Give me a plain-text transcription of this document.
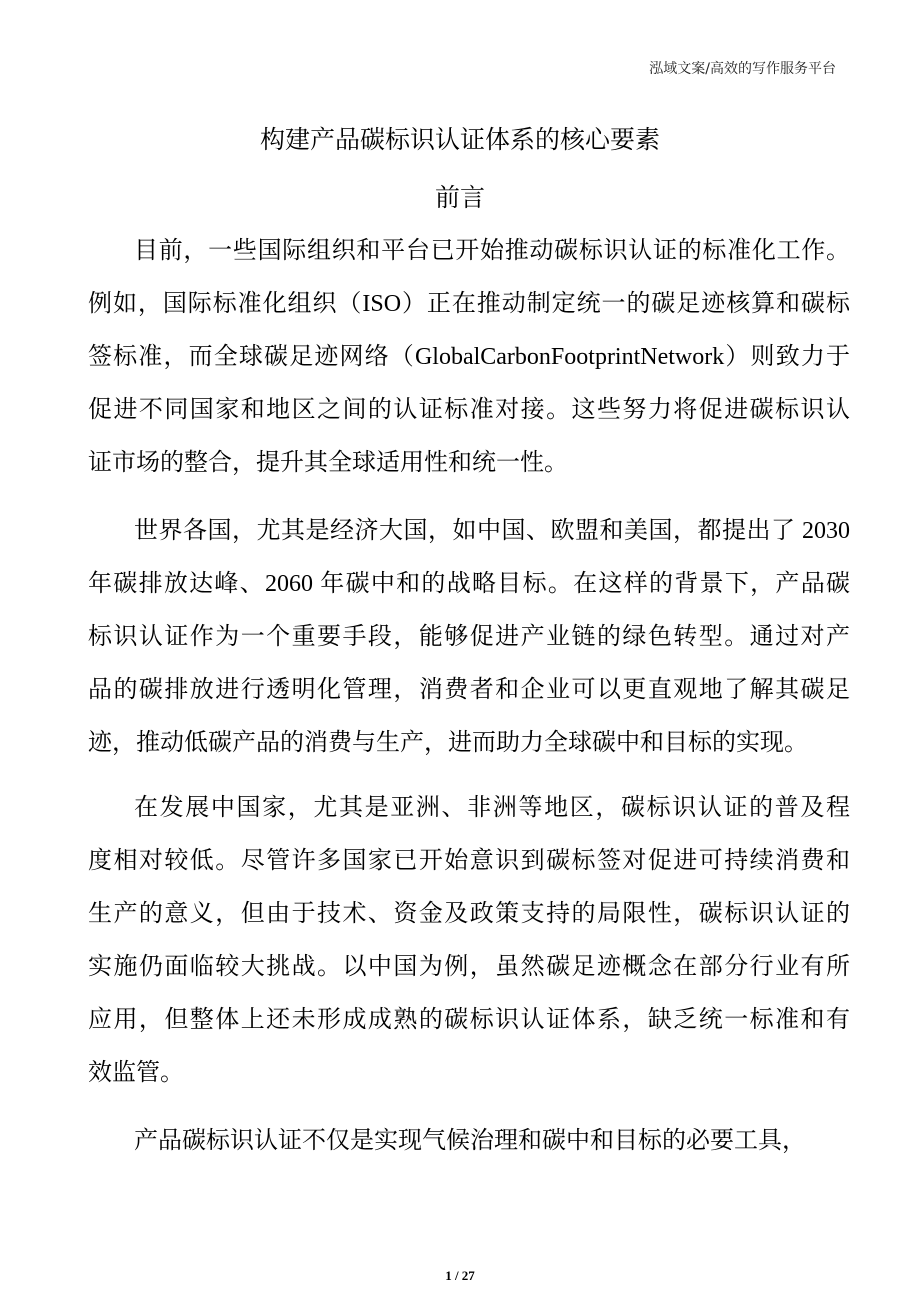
泓域文案/高效的写作服务平台
构建产品碳标识认证体系的核心要素
前言
目前，一些国际组织和平台已开始推动碳标识认证的标准化工作。
例如，国际标准化组织（ISO）正在推动制定统一的碳足迹核算和碳标
签标准，而全球碳足迹网络（GlobalCarbonFootprintNetwork）则致力于
促进不同国家和地区之间的认证标准对接。这些努力将促进碳标识认
证市场的整合，提升其全球适用性和统一性。
世界各国，尤其是经济大国，如中国、欧盟和美国，都提出了 2030
年碳排放达峰、2060 年碳中和的战略目标。在这样的背景下，产品碳
标识认证作为一个重要手段，能够促进产业链的绿色转型。通过对产
品的碳排放进行透明化管理，消费者和企业可以更直观地了解其碳足
迹，推动低碳产品的消费与生产，进而助力全球碳中和目标的实现。
在发展中国家，尤其是亚洲、非洲等地区，碳标识认证的普及程
度相对较低。尽管许多国家已开始意识到碳标签对促进可持续消费和
生产的意义，但由于技术、资金及政策支持的局限性，碳标识认证的
实施仍面临较大挑战。以中国为例，虽然碳足迹概念在部分行业有所
应用，但整体上还未形成成熟的碳标识认证体系，缺乏统一标准和有
效监管。
产品碳标识认证不仅是实现气候治理和碳中和目标的必要工具，
1 / 27
